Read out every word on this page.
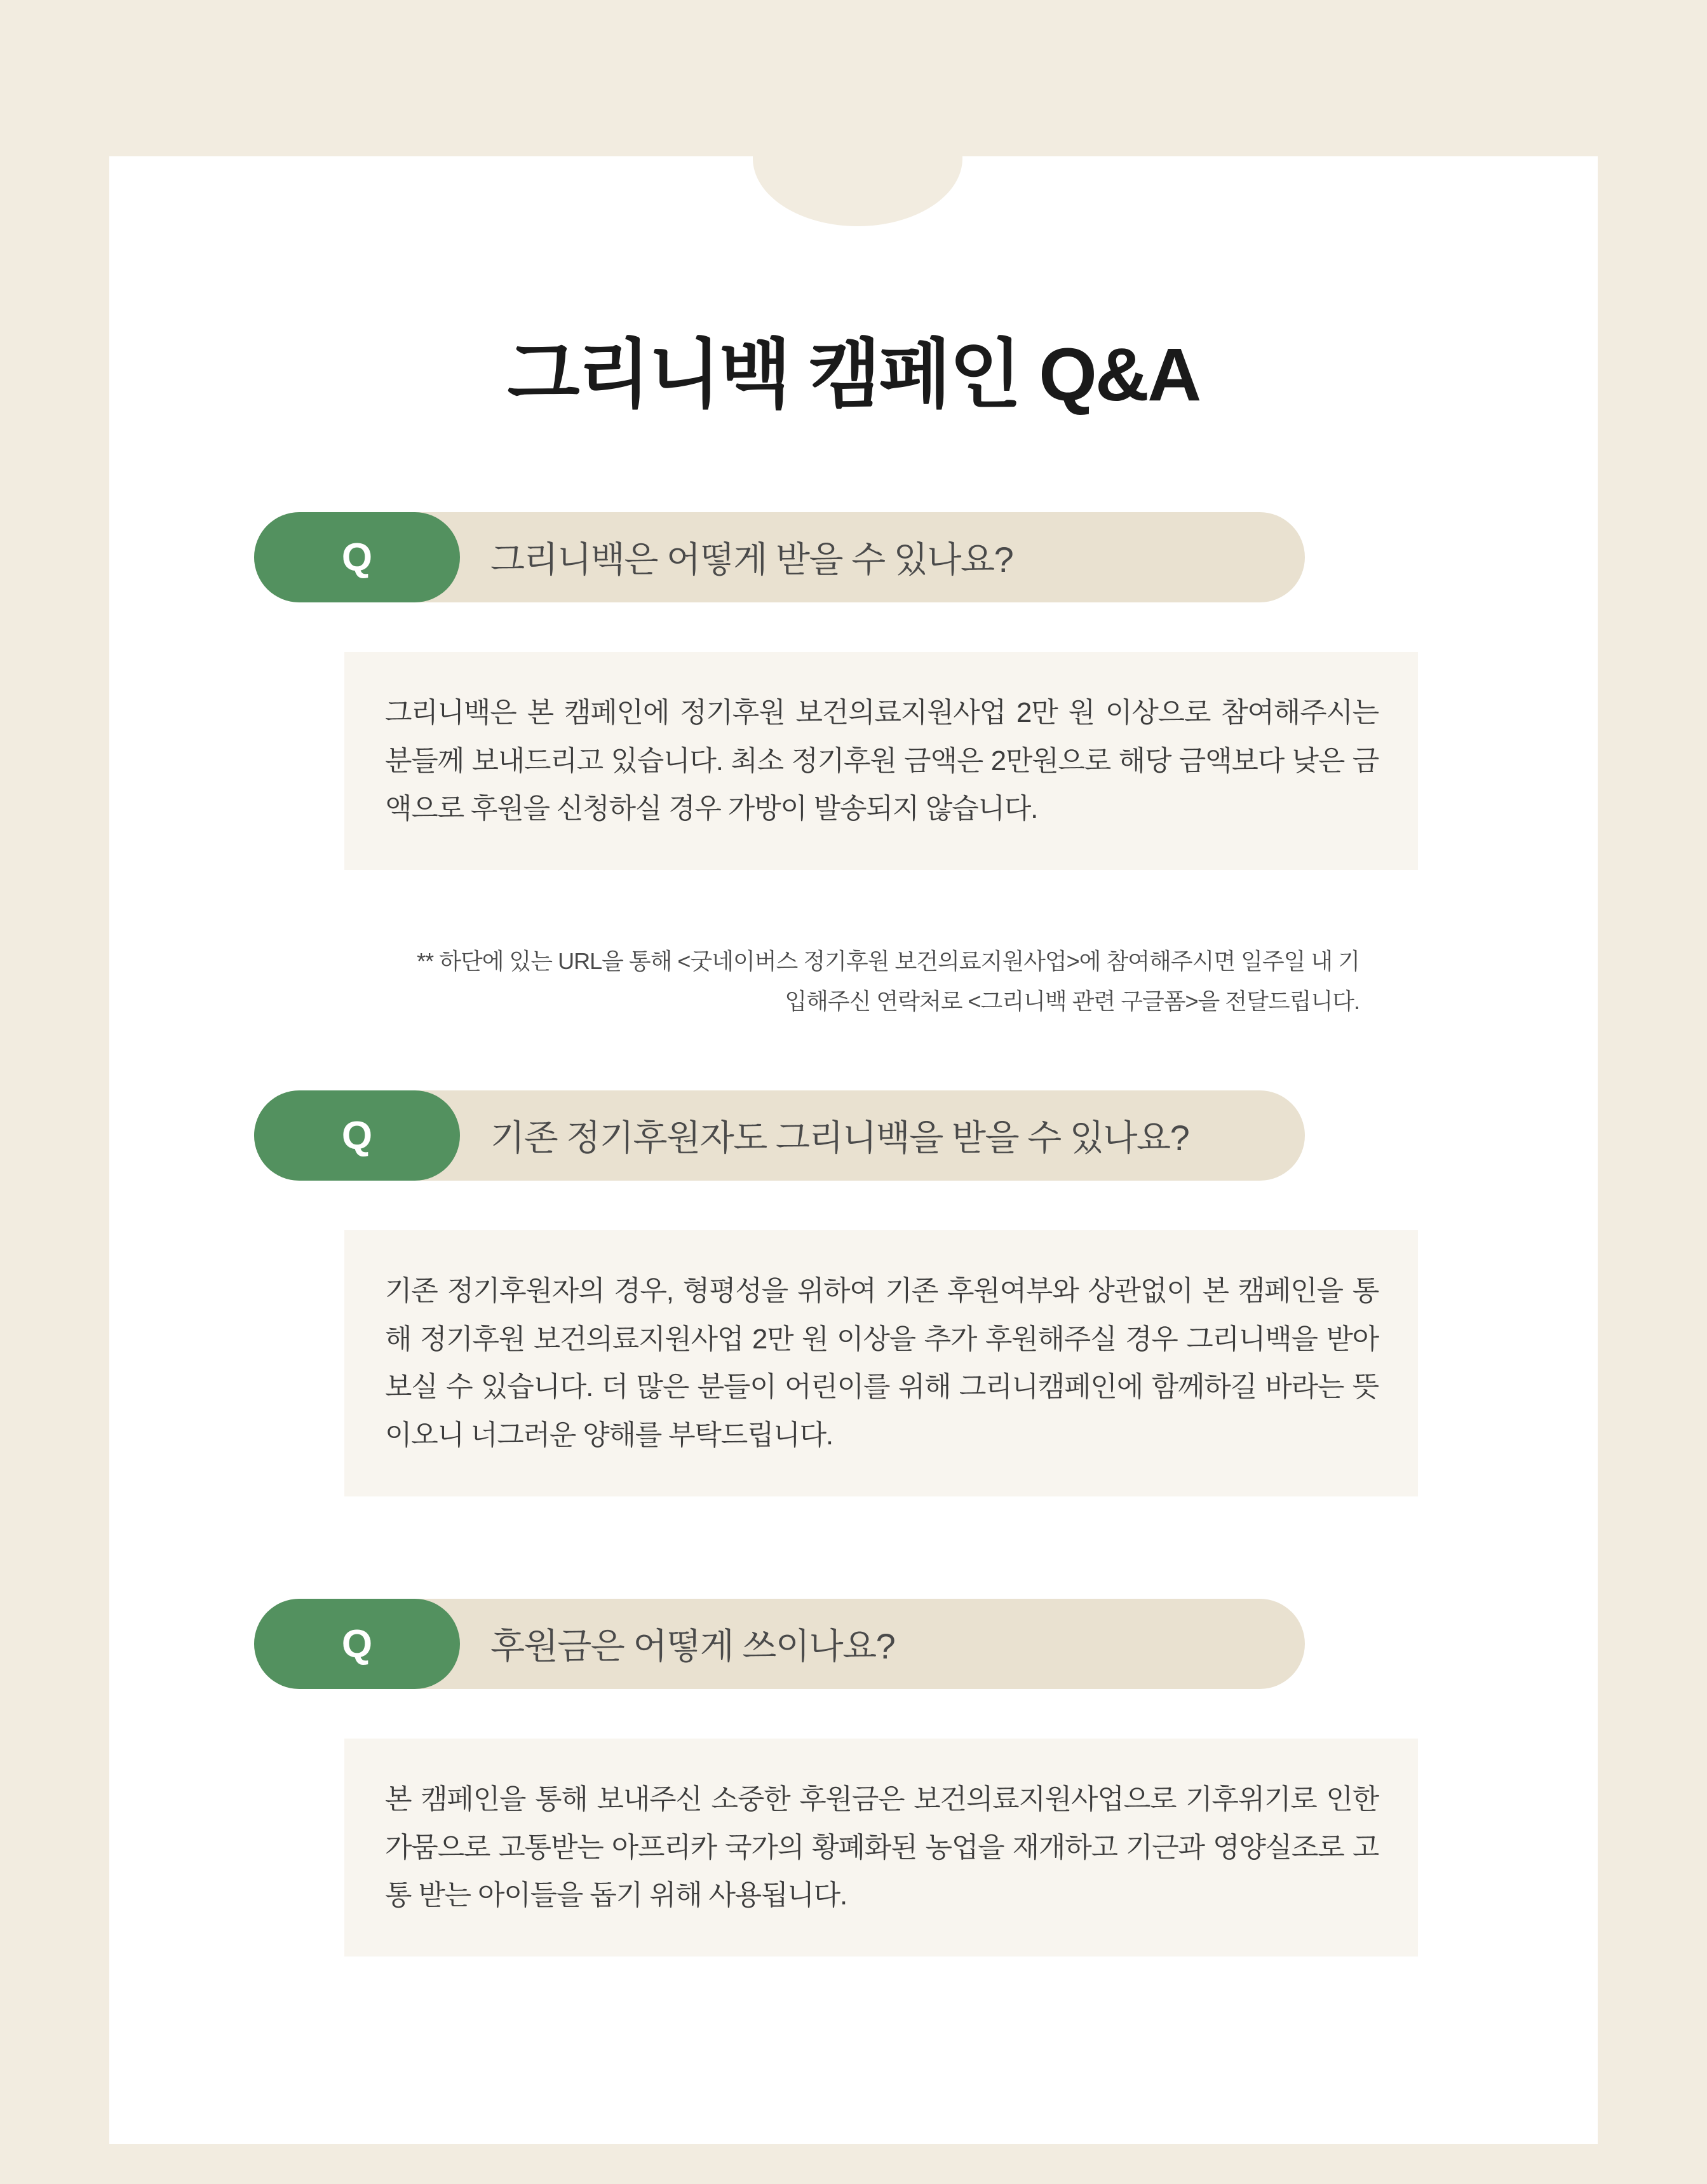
그리니백 캠페인 Q&A
Q	그리니백은 어떻게 받을 수 있나요?

그리니백은 본 캠페인에 정기후원 보건의료지원사업 2만 원 이상으로 참여해주시는 분들께 보내드리고 있습니다. 최소 정기후원 금액은 2만원으로 해당 금액보다 낮은 금액으로 후원을 신청하실 경우 가방이 발송되지 않습니다.

** 하단에 있는 URL을 통해 <굿네이버스 정기후원 보건의료지원사업>에 참여해주시면 일주일 내 기입해주신 연락처로 <그리니백 관련 구글폼>을 전달드립니다.
Q	기존 정기후원자도 그리니백을 받을 수 있나요?

기존 정기후원자의 경우, 형평성을 위하여 기존 후원여부와 상관없이 본 캠페인을 통해 정기후원 보건의료지원사업 2만 원 이상을 추가 후원해주실 경우 그리니백을 받아보실 수 있습니다. 더 많은 분들이 어린이를 위해 그리니캠페인에 함께하길 바라는 뜻이오니 너그러운 양해를 부탁드립니다.

Q	후원금은 어떻게 쓰이나요?

본 캠페인을 통해 보내주신 소중한 후원금은 보건의료지원사업으로 기후위기로 인한 가뭄으로 고통받는 아프리카 국가의 황폐화된 농업을 재개하고 기근과 영양실조로 고통 받는 아이들을 돕기 위해 사용됩니다.
